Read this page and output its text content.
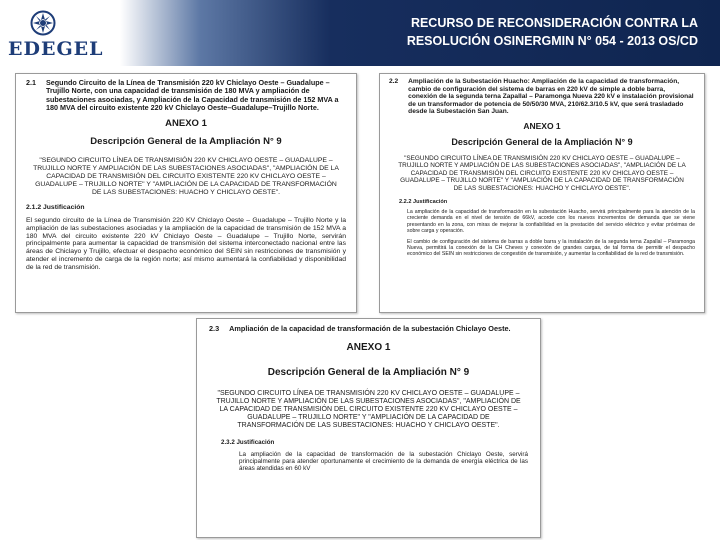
EDEGEL
RECURSO DE RECONSIDERACIÓN CONTRA LA
RESOLUCIÓN OSINERGMIN N° 054 - 2013 OS/CD
2.1 Segundo Circuito de la Línea de Transmisión 220 kV Chiclayo Oeste – Guadalupe –Trujillo Norte, con una capacidad de transmisión de 180 MVA y ampliación de subestaciones asociadas, y Ampliación de la Capacidad de transmisión de 152 MVA a 180 MVA del circuito existente 220 kV Chiclayo Oeste–Guadalupe–Trujillo Norte.
ANEXO 1
Descripción General de la Ampliación N° 9
"SEGUNDO CIRCUITO LÍNEA DE TRANSMISIÓN 220 KV CHICLAYO OESTE – GUADALUPE –TRUJILLO NORTE Y AMPLIACIÓN DE LAS SUBESTACIONES ASOCIADAS", "AMPLIACIÓN DE LA CAPACIDAD DE TRANSMISIÓN DEL CIRCUITO EXISTENTE 220 KV CHICLAYO OESTE – GUADALUPE – TRUJILLO NORTE" Y "AMPLIACIÓN DE LA CAPACIDAD DE TRANSFORMACIÓN DE LAS SUBESTACIONES: HUACHO Y CHICLAYO OESTE".
2.1.2 Justificación
El segundo circuito de la Línea de Transmisión 220 KV Chiclayo Oeste – Guadalupe – Trujillo Norte y la ampliación de las subestaciones asociadas y la ampliación de la capacidad de transmisión de 152 MVA a 180 MVA del circuito existente 220 kV Chiclayo Oeste – Guadalupe – Trujillo Norte, servirán principalmente para aumentar la capacidad de transmisión del sistema interconectado nacional entre las áreas de Chiclayo y Trujillo, efectuar el despacho económico del SEIN sin restricciones de transmisión y atender el incremento de carga de la región norte; así mismo aumentará la confiabilidad y disponibilidad de la red de transmisión.
2.2 Ampliación de la Subestación Huacho: Ampliación de la capacidad de transformación, cambio de configuración del sistema de barras en 220 kV de simple a doble barra, conexión de la segunda terna Zapallal – Paramonga Nueva 220 kV e instalación provisional de un transformador de potencia de 50/50/30 MVA, 210/62.3/10.5 kV, que será trasladado desde la Subestación San Juan.
ANEXO 1
Descripción General de la Ampliación N° 9
"SEGUNDO CIRCUITO LÍNEA DE TRANSMISIÓN 220 KV CHICLAYO OESTE – GUADALUPE –TRUJILLO NORTE Y AMPLIACIÓN DE LAS SUBESTACIONES ASOCIADAS", "AMPLIACIÓN DE LA CAPACIDAD DE TRANSMISIÓN DEL CIRCUITO EXISTENTE 220 KV CHICLAYO OESTE – GUADALUPE – TRUJILLO NORTE" Y "AMPLIACIÓN DE LA CAPACIDAD DE TRANSFORMACIÓN DE LAS SUBESTACIONES: HUACHO Y CHICLAYO OESTE".
2.2.2 Justificación
La ampliación de la capacidad de transformación en la subestación Huacho, servirá principalmente para la atención de la creciente demanda en el nivel de tensión de 66kV, acorde con los nuevos incrementos de demanda que se viene presentando en la zona, con miras de mejorar la confiabilidad en la prestación del servicio eléctrico y evitar próximas de sobre carga y operación.
El cambio de configuración del sistema de barras a doble barra y la instalación de la segunda terna Zapallal – Paramonga Nueva, permitirá la conexión de la CH Cheves y conexión de grandes cargas, de tal forma de permitir el despacho económico del SEIN sin restricciones de congestión de transmisión, y aumentar la confiabilidad de la red de transmisión.
2.3 Ampliación de la capacidad de transformación de la subestación Chiclayo Oeste.
ANEXO 1
Descripción General de la Ampliación N° 9
"SEGUNDO CIRCUITO LÍNEA DE TRANSMISIÓN 220 KV CHICLAYO OESTE – GUADALUPE –TRUJILLO NORTE Y AMPLIACIÓN DE LAS SUBESTACIONES ASOCIADAS", "AMPLIACIÓN DE LA CAPACIDAD DE TRANSMISIÓN DEL CIRCUITO EXISTENTE 220 KV CHICLAYO OESTE – GUADALUPE – TRUJILLO NORTE" Y "AMPLIACIÓN DE LA CAPACIDAD DE TRANSFORMACIÓN DE LAS SUBESTACIONES: HUACHO Y CHICLAYO OESTE".
2.3.2 Justificación
La ampliación de la capacidad de transformación de la subestación Chiclayo Oeste, servirá principalmente para atender oportunamente el crecimiento de la demanda de energía eléctrica de las áreas atendidas en 60 kV
